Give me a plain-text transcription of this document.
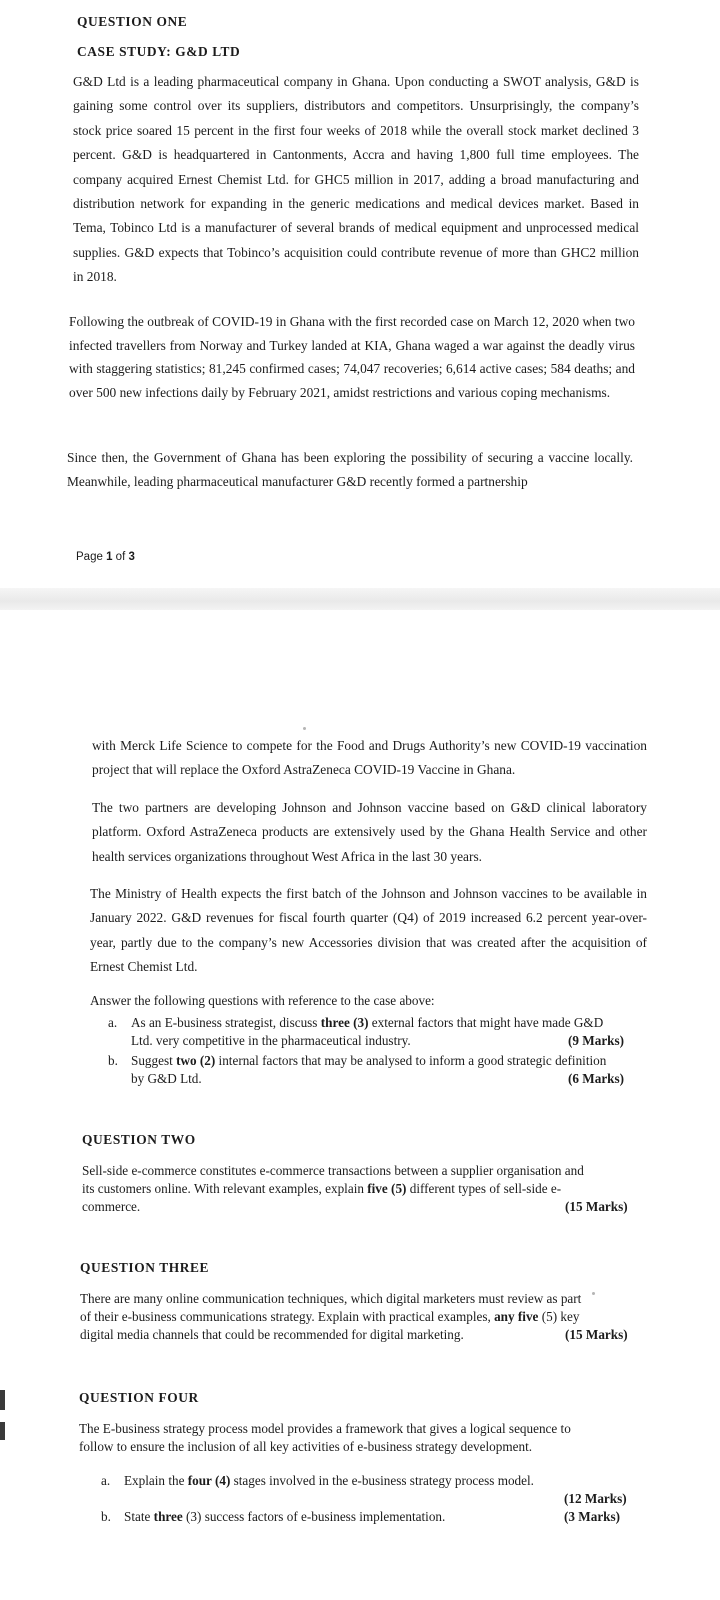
QUESTION ONE
CASE STUDY: G&D LTD

G&D Ltd is a leading pharmaceutical company in Ghana. Upon conducting a SWOT analysis, G&D is gaining some control over its suppliers, distributors and competitors. Unsurprisingly, the company’s stock price soared 15 percent in the first four weeks of 2018 while the overall stock market declined 3 percent. G&D is headquartered in Cantonments, Accra and having 1,800 full time employees. The company acquired Ernest Chemist Ltd. for GHC5 million in 2017, adding a broad manufacturing and distribution network for expanding in the generic medications and medical devices market. Based in Tema, Tobinco Ltd is a manufacturer of several brands of medical equipment and unprocessed medical supplies. G&D expects that Tobinco’s acquisition could contribute revenue of more than GHC2 million in 2018.

Following the outbreak of COVID-19 in Ghana with the first recorded case on March 12, 2020 when two infected travellers from Norway and Turkey landed at KIA, Ghana waged a war against the deadly virus with staggering statistics; 81,245 confirmed cases; 74,047 recoveries; 6,614 active cases; 584 deaths; and over 500 new infections daily by February 2021, amidst restrictions and various coping mechanisms.

Since then, the Government of Ghana has been exploring the possibility of securing a vaccine locally. Meanwhile, leading pharmaceutical manufacturer G&D recently formed a partnership

Page 1 of 3

with Merck Life Science to compete for the Food and Drugs Authority’s new COVID-19 vaccination project that will replace the Oxford AstraZeneca COVID-19 Vaccine in Ghana.

The two partners are developing Johnson and Johnson vaccine based on G&D clinical laboratory platform. Oxford AstraZeneca products are extensively used by the Ghana Health Service and other health services organizations throughout West Africa in the last 30 years.

The Ministry of Health expects the first batch of the Johnson and Johnson vaccines to be available in January 2022. G&D revenues for fiscal fourth quarter (Q4) of 2019 increased 6.2 percent year-over-year, partly due to the company’s new Accessories division that was created after the acquisition of Ernest Chemist Ltd.

Answer the following questions with reference to the case above:
a. As an E-business strategist, discuss three (3) external factors that might have made G&D
Ltd. very competitive in the pharmaceutical industry.	(9 Marks)
b. Suggest two (2) internal factors that may be analysed to inform a good strategic definition
by G&D Ltd.	(6 Marks)
QUESTION TWO
Sell-side e-commerce constitutes e-commerce transactions between a supplier organisation and
its customers online. With relevant examples, explain five (5) different types of sell-side e-
commerce.	(15 Marks)
QUESTION THREE
There are many online communication techniques, which digital marketers must review as part
of their e-business communications strategy. Explain with practical examples, any five (5) key
digital media channels that could be recommended for digital marketing.	(15 Marks)
QUESTION FOUR
The E-business strategy process model provides a framework that gives a logical sequence to
follow to ensure the inclusion of all key activities of e-business strategy development.
a. Explain the four (4) stages involved in the e-business strategy process model.
(12 Marks)
b. State three (3) success factors of e-business implementation.	(3 Marks)
